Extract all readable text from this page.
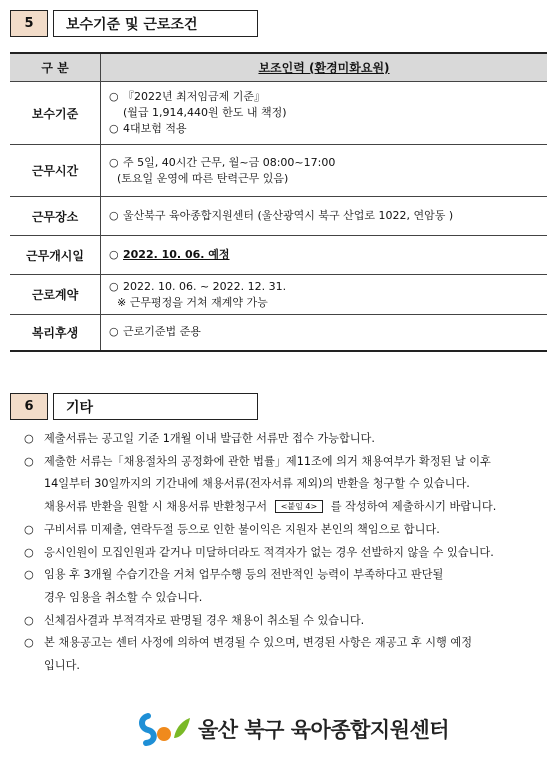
5	보수기준 및 근로조건
구 분	보조인력 (환경미화요원)
보수기준	○ 『2022년 최저임금제 기준』
(월급 1,914,440원 한도 내 책정)
○ 4대보험 적용

근무시간	○ 주 5일, 40시간 근무, 월~금 08:00~17:00
(토요일 운영에 따른 탄력근무 있음)

근무장소	○ 울산북구 육아종합지원센터 (울산광역시 북구 산업로 1022, 연암동 )

근무개시일	○ 2022. 10. 06. 예정

근로계약	○ 2022. 10. 06. ~ 2022. 12. 31.
※ 근무평정을 거쳐 재계약 가능

복리후생	○ 근로기준법 준용
6	기타
○ 제출서류는 공고일 기준 1개월 이내 발급한 서류만 접수 가능합니다.
○ 제출한 서류는「채용절차의 공정화에 관한 법률」제11조에 의거 채용여부가 확정된 날 이후
14일부터 30일까지의 기간내에 채용서류(전자서류 제외)의 반환을 청구할 수 있습니다.
채용서류 반환을 원할 시 채용서류 반환청구서 <붙임 4> 를 작성하여 제출하시기 바랍니다.
○ 구비서류 미제출, 연락두절 등으로 인한 불이익은 지원자 본인의 책임으로 합니다.
○ 응시인원이 모집인원과 같거나 미달하더라도 적격자가 없는 경우 선발하지 않을 수 있습니다.
○ 임용 후 3개월 수습기간을 거쳐 업무수행 등의 전반적인 능력이 부족하다고 판단될
경우 임용을 취소할 수 있습니다.
○ 신체검사결과 부적격자로 판명될 경우 채용이 취소될 수 있습니다.
○ 본 채용공고는 센터 사정에 의하여 변경될 수 있으며, 변경된 사항은 재공고 후 시행 예정
입니다.
울산 북구 육아종합지원센터
